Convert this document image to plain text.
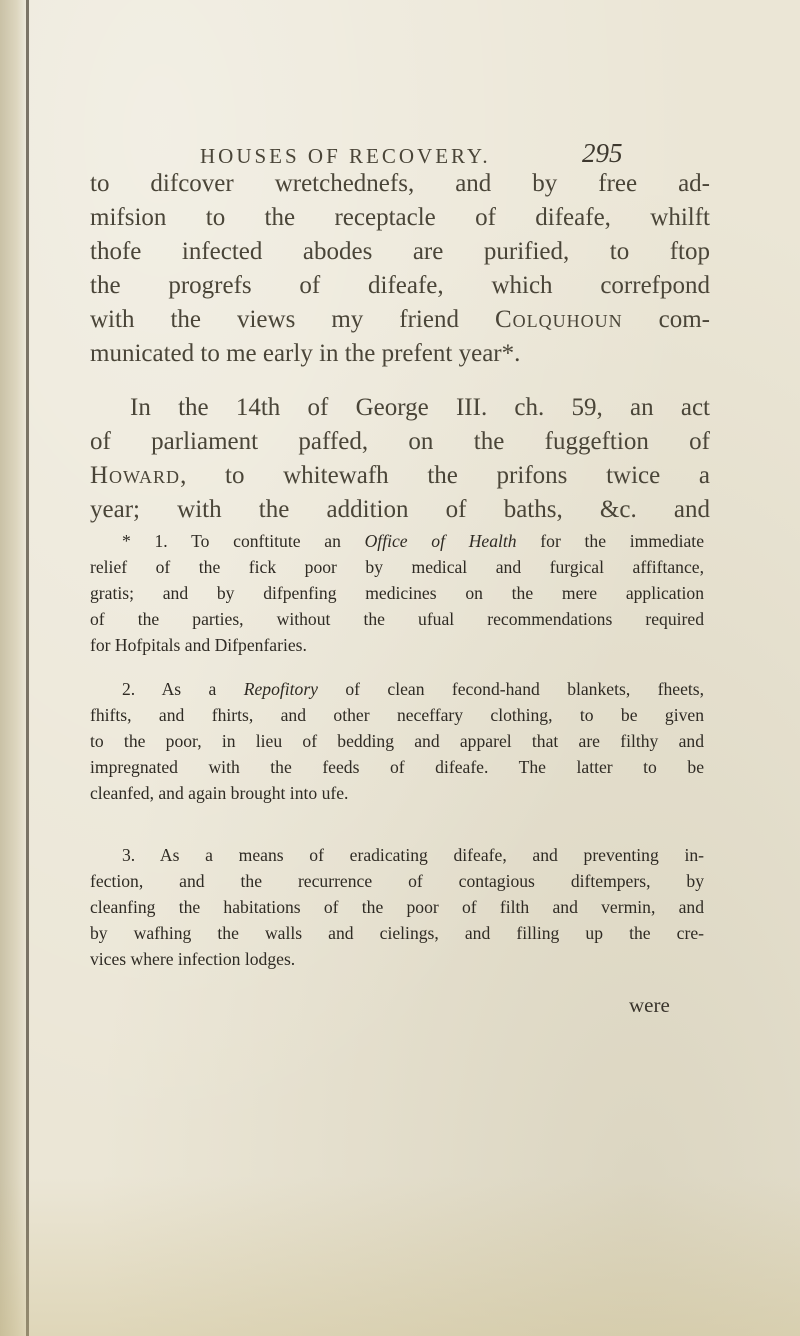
HOUSES OF RECOVERY.	295
to difcover wretchednefs, and by free ad-
mifsion to the receptacle of difeafe, whilft
thofe infected abodes are purified, to ftop
the progrefs of difeafe, which correfpond
with the views my friend Colquhoun com-
municated to me early in the prefent year*.
In the 14th of George III. ch. 59, an act
of parliament paffed, on the fuggeftion of
Howard, to whitewafh the prifons twice a
year; with the addition of baths, &c. and
* 1. To conftitute an Office of Health for the immediate
relief of the fick poor by medical and furgical affiftance,
gratis; and by difpenfing medicines on the mere application
of the parties, without the ufual recommendations required
for Hofpitals and Difpenfaries.
2. As a Repofitory of clean fecond-hand blankets, fheets,
fhifts, and fhirts, and other neceffary clothing, to be given
to the poor, in lieu of bedding and apparel that are filthy and
impregnated with the feeds of difeafe. The latter to be
cleanfed, and again brought into ufe.
3. As a means of eradicating difeafe, and preventing in-
fection, and the recurrence of contagious diftempers, by
cleanfing the habitations of the poor of filth and vermin, and
by wafhing the walls and cielings, and filling up the cre-
vices where infection lodges.
were
